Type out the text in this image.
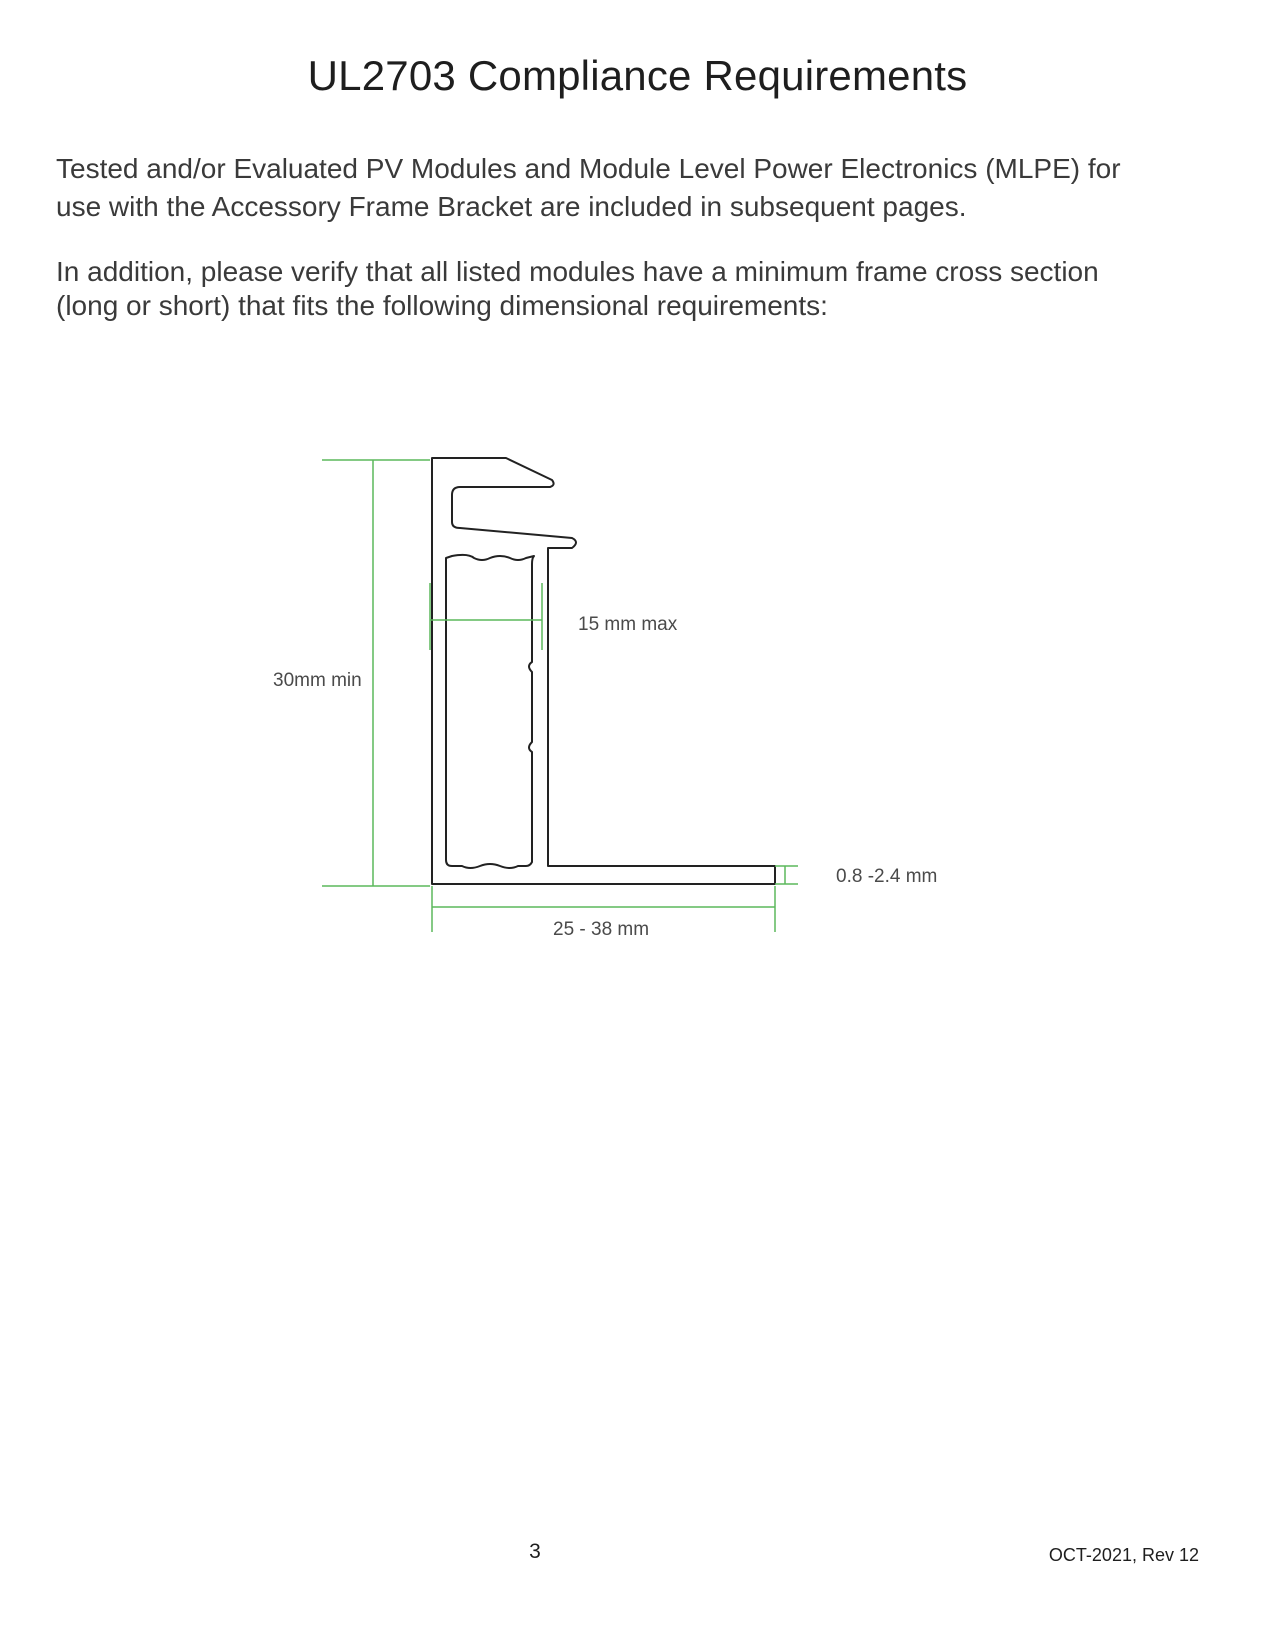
UL2703 Compliance Requirements

Tested and/or Evaluated PV Modules and Module Level Power Electronics (MLPE) for use with the Accessory Frame Bracket are included in subsequent pages.

In addition, please verify that all listed modules have a minimum frame cross section (long or short) that fits the following dimensional requirements:

30mm min
15 mm max
0.8 -2.4 mm
25 - 38 mm
3	OCT-2021, Rev 12
